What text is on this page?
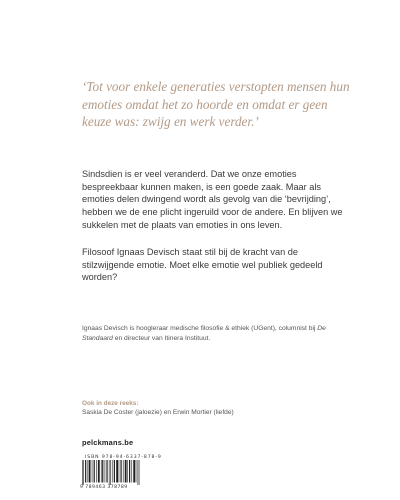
‘Tot voor enkele generaties verstopten mensen hun emoties omdat het zo hoorde en omdat er geen keuze was: zwijg en werk verder.’

Sindsdien is er veel veranderd. Dat we onze emoties bespreekbaar kunnen maken, is een goede zaak. Maar als emoties delen dwingend wordt als gevolg van die ‘bevrijding’, hebben we de ene plicht ingeruild voor de andere. En blijven we sukkelen met de plaats van emoties in ons leven.

Filosoof Ignaas Devisch staat stil bij de kracht van de stilzwijgende emotie. Moet elke emotie wel publiek gedeeld worden?

Ignaas Devisch is hoogleraar medische filosofie & ethiek (UGent), columnist bij De Standaard en directeur van Itinera Instituut.

Ook in deze reeks:

Saskia De Coster (jaloezie) en Erwin Mortier (liefde)

pelckmans.be

ISBN 978-94-6337-878-9

9 789463 378789
